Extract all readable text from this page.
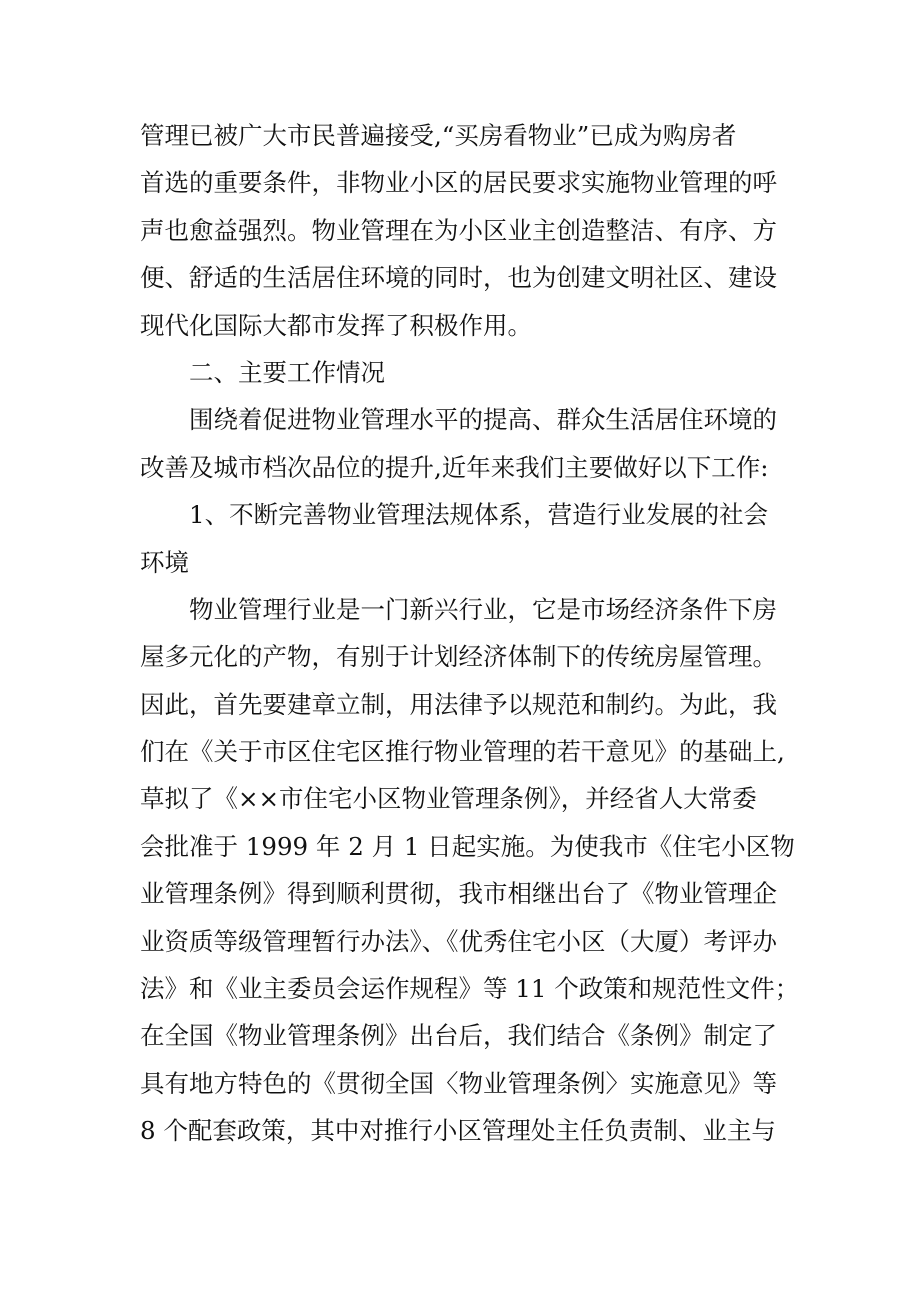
管理已被广大市民普遍接受,“买房看物业”已成为购房者
首选的重要条件，非物业小区的居民要求实施物业管理的呼
声也愈益强烈。物业管理在为小区业主创造整洁、有序、方
便、舒适的生活居住环境的同时，也为创建文明社区、建设
现代化国际大都市发挥了积极作用。
二、主要工作情况
围绕着促进物业管理水平的提高、群众生活居住环境的
改善及城市档次品位的提升,近年来我们主要做好以下工作:
1、不断完善物业管理法规体系，营造行业发展的社会
环境
物业管理行业是一门新兴行业，它是市场经济条件下房
屋多元化的产物，有别于计划经济体制下的传统房屋管理。
因此，首先要建章立制，用法律予以规范和制约。为此，我
们在《关于市区住宅区推行物业管理的若干意见》的基础上,
草拟了《××市住宅小区物业管理条例》，并经省人大常委
会批准于 1999 年 2 月 1 日起实施。为使我市《住宅小区物
业管理条例》得到顺利贯彻，我市相继出台了《物业管理企
业资质等级管理暂行办法》、《优秀住宅小区（大厦）考评办
法》和《业主委员会运作规程》等 11 个政策和规范性文件；
在全国《物业管理条例》出台后，我们结合《条例》制定了
具有地方特色的《贯彻全国〈物业管理条例〉实施意见》等
8 个配套政策，其中对推行小区管理处主任负责制、业主与
